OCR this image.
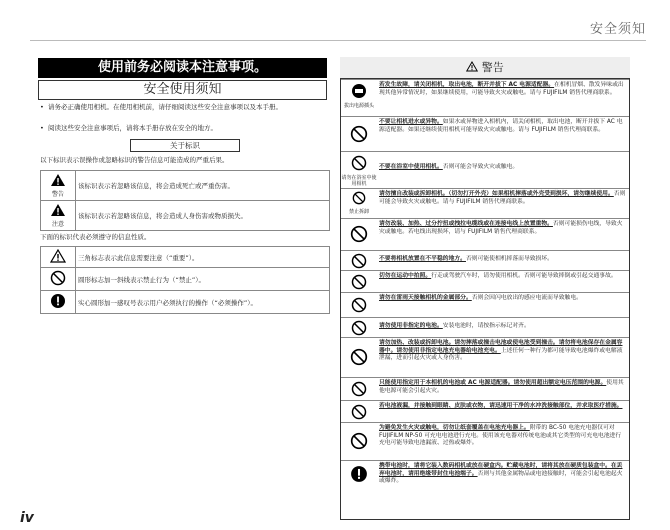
安全须知
使用前务必阅读本注意事项。
安全使用须知
• 请务必正确使用相机。在使用相机前，请仔细阅读这些安全注意事项以及本手册。
• 阅读这些安全注意事项后，请将本手册存放在安全的地方。
关于标识
以下标识表示误操作或忽略标识的警告信息可能造成的严重后果。
警告	该标识表示若忽略该信息，将会造成死亡或严重伤害。

注意	该标识表示若忽略该信息，将会造成人身伤害或物质损失。
下面的标识代表必须遵守的信息性质。
	三角标志表示此信息需要注意（“重要”）。
	圆形标志加一斜线表示禁止行为（“禁止”）。
	实心圆形加一感叹号表示用户必须执行的操作（“必须操作”）。
警告
拔出电源插头
若发生故障，请关闭相机，取出电池，断开并拔下 AC 电源适配器。在相机冒烟、散发异味或出现其他异常情况时，如果继续使用，可能导致火灾或触电。请与 FUJIFILM 销售代理商联系。
不要让相机进水或异物。如果水或异物进入相机内，请关闭相机，取出电池，断开并拔下 AC 电源适配器。如果还继续使用相机可能导致火灾或触电。请与 FUJIFILM 销售代理商联系。
请勿在浴室中使用相机
不要在浴室中使用相机。否则可能会导致火灾或触电。
禁止拆卸
请勿擅自改装或拆卸相机。（切勿打开外壳）如果相机摔落或外壳受到损坏，请勿继续使用。否则可能会导致火灾或触电。请与 FUJIFILM 销售代理商联系。
请勿改装、加热、过分拧扭或拽拉电缆线或在连接电线上放置重物。否则可能损伤电线，导致火灾或触电。若电线出现损坏，请与 FUJIFILM 销售代理商联系。
不要将相机放置在不平稳的地方。否则可能使相机摔落而导致损坏。
切勿在运动中拍照。行走或驾驶汽车时，请勿使用相机。否则可能导致摔倒或引起交通事故。
请勿在雷雨天接触相机的金属部分。否则会因闪电放出的感应电流而导致触电。
请勿使用非指定的电池。安装电池时，请按指示标记对齐。
请勿加热、改装或拆卸电池。请勿摔落或撞击电池或使电池受到撞击。请勿将电池保存在金属容器中。请勿使用非指定电池充电器给电池充电。上述任何一种行为都可能导致电池爆炸或电解液泄漏，进而引起火灾或人身伤害。
只能使用指定用于本相机的电池或 AC 电源适配器。请勿使用超出额定电压范围的电源。使用其他电源可能会引起火灾。
若电池液漏，并接触到眼睛、皮肤或衣物，请迅速用干净的水冲洗接触部位，并求取医疗措施。
为避免发生火灾或触电，切勿让纸套覆盖在电池充电器上。附带的 BC-50 电池充电器仅可对 FUJIFILM NP-50 可充电电池进行充电。使用该充电器对传统电池或其它类型的可充电电池进行充电可能导致电池漏液、过热或爆炸。
携带电池时，请将它装入数码相机或放在硬盒内。贮藏电池时，请将其放在硬质包装盒中。在丢弃电池时，请用绝缘带封住电池端子。否则与其他金属物品或电池接触时，可能会引起电池起火或爆炸。
iv
